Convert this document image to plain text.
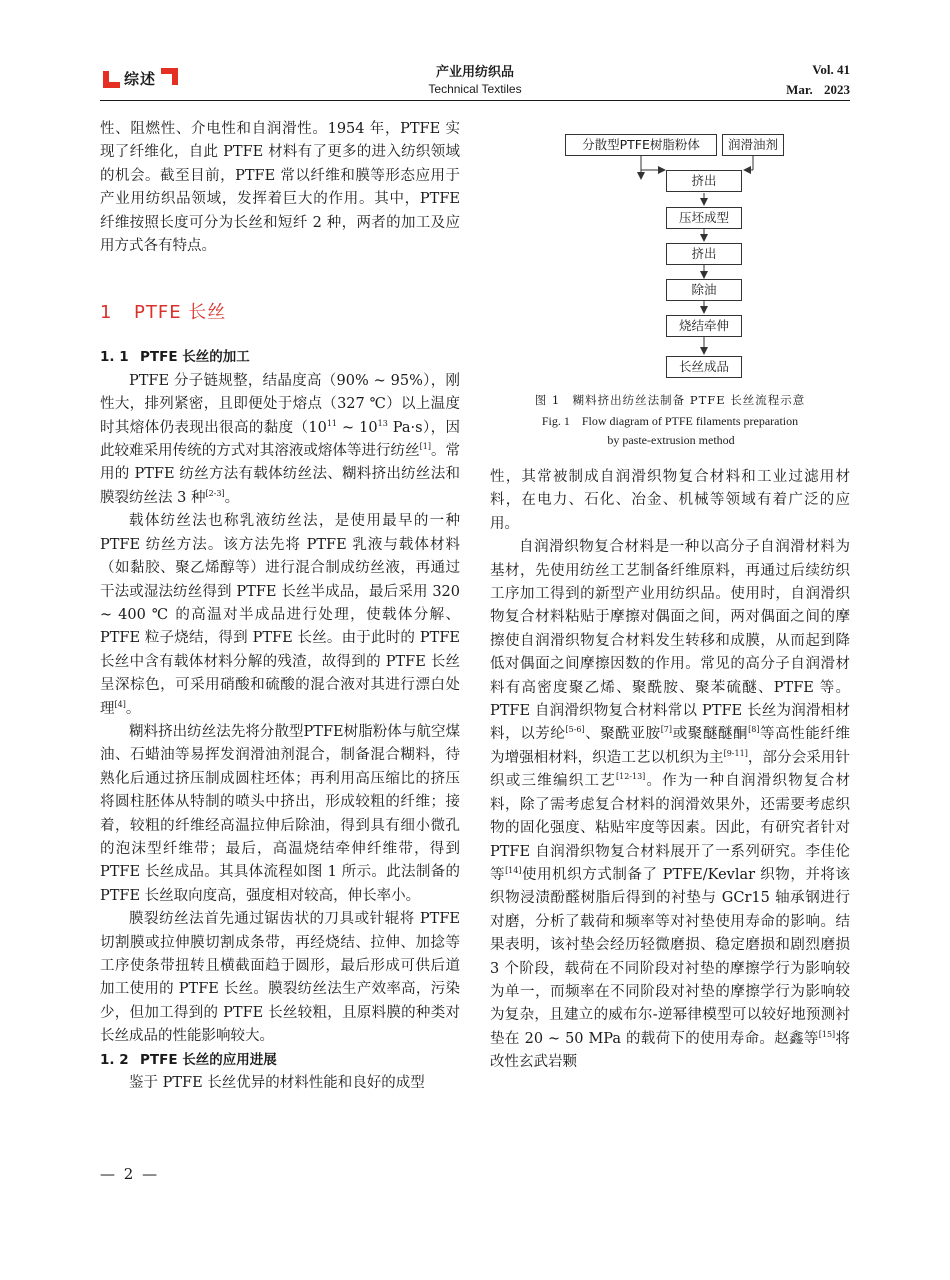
综述	产业用纺织品
Technical Textiles
Vol. 41
Mar. 2023

性、阻燃性、介电性和自润滑性。1954 年，PTFE 实现了纤维化，自此 PTFE 材料有了更多的进入纺织领域的机会。截至目前，PTFE 常以纤维和膜等形态应用于产业用纺织品领域，发挥着巨大的作用。其中，PTFE 纤维按照长度可分为长丝和短纤 2 种，两者的加工及应用方式各有特点。

1. 1 PTFE 长丝的加工

PTFE 分子链规整，结晶度高（90% ~ 95%），刚性大，排列紧密，且即便处于熔点（327 ℃）以上温度时其熔体仍表现出很高的黏度（$10^{11}$ ~ $10^{13}$ Pa·s），因此较难采用传统的方式对其溶液或熔体等进行纺丝[1]。常用的 PTFE 纺丝方法有载体纺丝法、糊料挤出纺丝法和膜裂纺丝法 3 种[2-3]。

载体纺丝法也称乳液纺丝法，是使用最早的一种 PTFE 纺丝方法。该方法先将 PTFE 乳液与载体材料（如黏胶、聚乙烯醇等）进行混合制成纺丝液，再通过干法或湿法纺丝得到 PTFE 长丝半成品，最后采用 320 ~ 400 ℃ 的高温对半成品进行处理，使载体分解、PTFE 粒子烧结，得到 PTFE 长丝。由于此时的 PTFE 长丝中含有载体材料分解的残渣，故得到的 PTFE 长丝呈深棕色，可采用硝酸和硫酸的混合液对其进行漂白处理[4]。

糊料挤出纺丝法先将分散型PTFE树脂粉体与航空煤油、石蜡油等易挥发润滑油剂混合，制备混合糊料，待熟化后通过挤压制成圆柱坯体；再利用高压缩比的挤压将圆柱胚体从特制的喷头中挤出，形成较粗的纤维；接着，较粗的纤维经高温拉伸后除油，得到具有细小微孔的泡沫型纤维带；最后，高温烧结牵伸纤维带，得到 PTFE 长丝成品。其具体流程如图 1 所示。此法制备的 PTFE 长丝取向度高，强度相对较高，伸长率小。

膜裂纺丝法首先通过锯齿状的刀具或针辊将 PTFE 切割膜或拉伸膜切割成条带，再经烧结、拉伸、加捻等工序使条带扭转且横截面趋于圆形，最后形成可供后道加工使用的 PTFE 长丝。膜裂纺丝法生产效率高，污染少，但加工得到的 PTFE 长丝较粗，且原料膜的种类对长丝成品的性能影响较大。

1. 2 PTFE 长丝的应用进展

鉴于 PTFE 长丝优异的材料性能和良好的成型

1 PTFE 长丝
分散型PTFE树脂粉体	润滑油剂
挤出
压坯成型
挤出
除油
烧结牵伸
长丝成品
图 1　糊料挤出纺丝法制备 PTFE 长丝流程示意
Fig. 1　Flow diagram of PTFE filaments preparation
by paste-extrusion method

性，其常被制成自润滑织物复合材料和工业过滤用材料，在电力、石化、冶金、机械等领域有着广泛的应用。

自润滑织物复合材料是一种以高分子自润滑材料为基材，先使用纺丝工艺制备纤维原料，再通过后续纺织工序加工得到的新型产业用纺织品。使用时，自润滑织物复合材料粘贴于摩擦对偶面之间，两对偶面之间的摩擦使自润滑织物复合材料发生转移和成膜，从而起到降低对偶面之间摩擦因数的作用。常见的高分子自润滑材料有高密度聚乙烯、聚酰胺、聚苯硫醚、PTFE 等。PTFE 自润滑织物复合材料常以 PTFE 长丝为润滑相材料，以芳纶[5-6]、聚酰亚胺[7]或聚醚醚酮[8]等高性能纤维为增强相材料，织造工艺以机织为主[9-11]，部分会采用针织或三维编织工艺[12-13]。作为一种自润滑织物复合材料，除了需考虑复合材料的润滑效果外，还需要考虑织物的固化强度、粘贴牢度等因素。因此，有研究者针对 PTFE 自润滑织物复合材料展开了一系列研究。李佳伦等[14]使用机织方式制备了 PTFE/Kevlar 织物，并将该织物浸渍酚醛树脂后得到的衬垫与 GCr15 轴承钢进行对磨，分析了载荷和频率等对衬垫使用寿命的影响。结果表明，该衬垫会经历轻微磨损、稳定磨损和剧烈磨损 3 个阶段，载荷在不同阶段对衬垫的摩擦学行为影响较为单一，而频率在不同阶段对衬垫的摩擦学行为影响较为复杂，且建立的威布尔-逆幂律模型可以较好地预测衬垫在 20 ~ 50 MPa 的载荷下的使用寿命。赵鑫等[15]将改性玄武岩颗

— 2 —
